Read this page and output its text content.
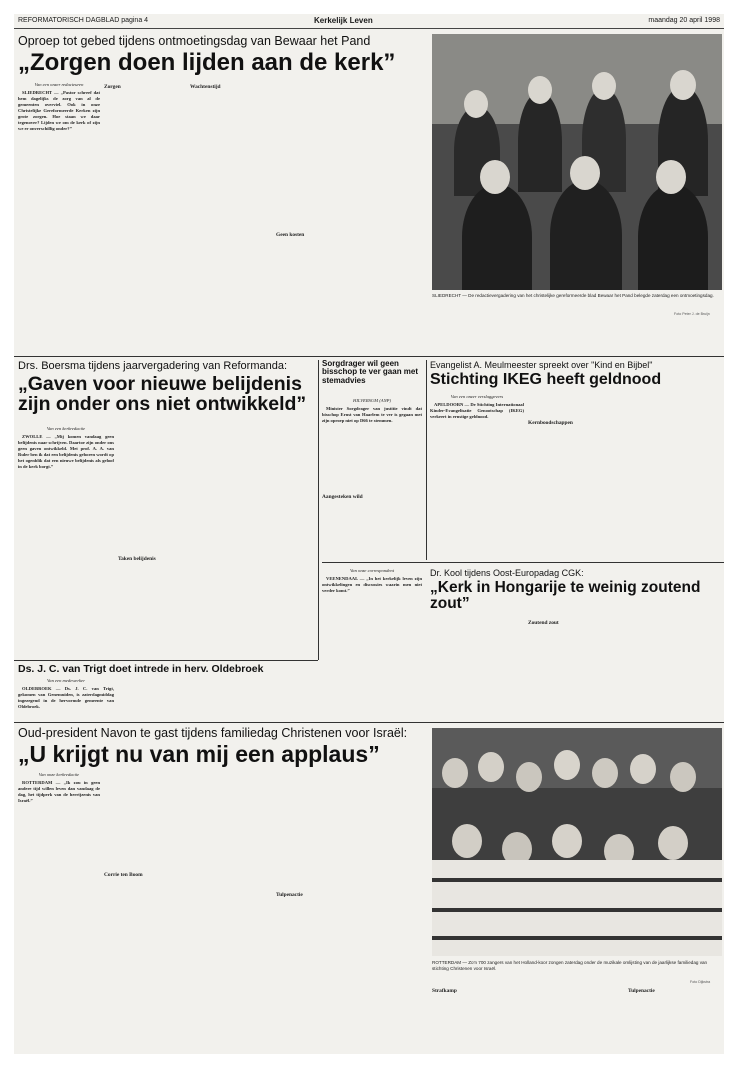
REFORMATORISCH DAGBLAD pagina 4	Kerkelijk Leven	maandag 20 april 1998
Oproep tot gebed tijdens ontmoetingsdag van Bewaar het Pand
„Zorgen doen lijden aan de kerk”
Van een onzer redacteuren

SLIEDRECHT — „Pastor schreef dat hem dagelijks de zorg van al de gemeenten overviel. Ook in onze Christelijke Gereformeerde Kerken zijn grote zorgen. Hoe staan we daar tegenover? Lijden we om de kerk of zijn we er onverschillig onder?”

Zorgen	Wachtenstijd
Geen kosten
SLIEDRECHT — De redactievergadering van het christelijke gereformeerde blad Bewaar het Pand belegde zaterdag een ontmoetingsdag.
Foto Peter J. de Bruijn
Drs. Boersma tijdens jaarvergadering van Reformanda:
„Gaven voor nieuwe belijdenis zijn onder ons niet ontwikkeld”
Van een kerkredactie

ZWOLLE — „Mij komen vandaag geen belijdenis naar schrijven. Daartoe zijn onder ons geen gaven ontwikkeld. Met prof. A. A. van Ruler ben ik dat een belijdenis geboren wordt op het ogenblik dat een nieuwe belijdenis als geloof in de kerk borgt.”

Taken belijdenis
Sorgdrager wil geen bisschop te ver gaan met stemadvies
HILVERSUM (ANP)

Minister Sorgdrager van justitie vindt dat bisschop Ernst van Haarlem te ver is gegaan met zijn oproep niet op D66 te stemmen.

Aangesteken wild
Evangelist A. Meulmeester spreekt over "Kind en Bijbel"
Stichting IKEG heeft geldnood
Van een onzer verslaggevers

APELDOORN — De Stichting Internationaal Kinder-Evangelisatie Genootschap (IKEG) verkeert in ernstige geldnood.

Kernboodschappen
Van onze correspondent

VEENENDAAL — „In het kerkelijk leven zijn ontwikkelingen en discussies waarin men niet verder komt.”

Dr. Kool tijdens Oost-Europadag CGK:
„Kerk in Hongarije te weinig zoutend zout”
Zoutend zout
Ds. J. C. van Trigt doet intrede in herv. Oldebroek
Van een medewerker

OLDEBROEK — Ds. J. C. van Trigt, gekomen van Genemuiden, is zaterdagmiddag ingezegend in de hervormde gemeente van Oldebroek.

Oud-president Navon te gast tijdens familiedag Christenen voor Israël:
„U krijgt nu van mij een applaus”
Van onze kerkredactie

ROTTERDAM — „Ik zou in geen andere tijd willen leven dan vandaag de dag, het tijdperk van de herrijzenis van Israël.”

Corrie ten Boom
Tulpenactie
ROTTERDAM — Zo'n 700 zangers van het Holland-koor zongen zaterdag onder de muzikale omlijsting van de jaarlijkse familiedag van stichting Christenen voor Israël.
Foto Dijkstra
Strafkamp	Tulpenactie
